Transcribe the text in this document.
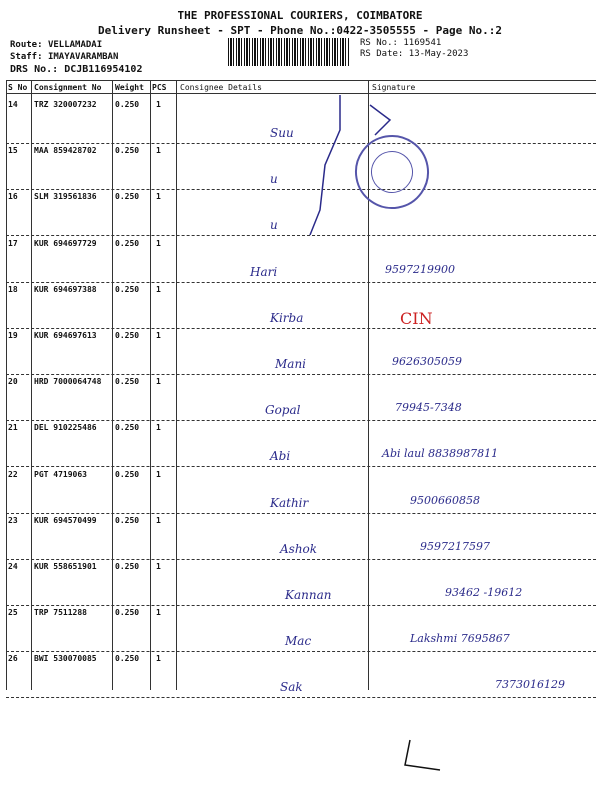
THE PROFESSIONAL COURIERS, COIMBATORE
Delivery Runsheet - SPT - Phone No.:0422-3505555 - Page No.:2
Route: VELLAMADAI
Staff: IMAYAVARAMBAN
DRS No.: DCJB116954102
RS No.: 1169541
RS Date: 13-May-2023
S No Consignment No Weight PCS Consignee Details	Signature
14 TRZ 320007232 0.250 1
Suu
15 MAA 859428702 0.250 1
u
16 SLM 319561836 0.250 1
u
17 KUR 694697729 0.250 1
Hari	9597219900
18 KUR 694697388 0.250 1
Kirba	CIN
19 KUR 694697613 0.250 1
Mani	9626305059
20 HRD 7000064748 0.250 1
Gopal	79945-7348
21 DEL 910225486 0.250 1
Abi	Abi laul 8838987811
22 PGT 4719063	0.250 1
Kathir	9500660858
23 KUR 694570499 0.250 1
Ashok	9597217597
24 KUR 558651901 0.250 1
Kannan	93462 -19612
25 TRP 7511288	0.250 1
Mac	Lakshmi 7695867
26 BWI 530070085 0.250 1
Sak	7373016129
